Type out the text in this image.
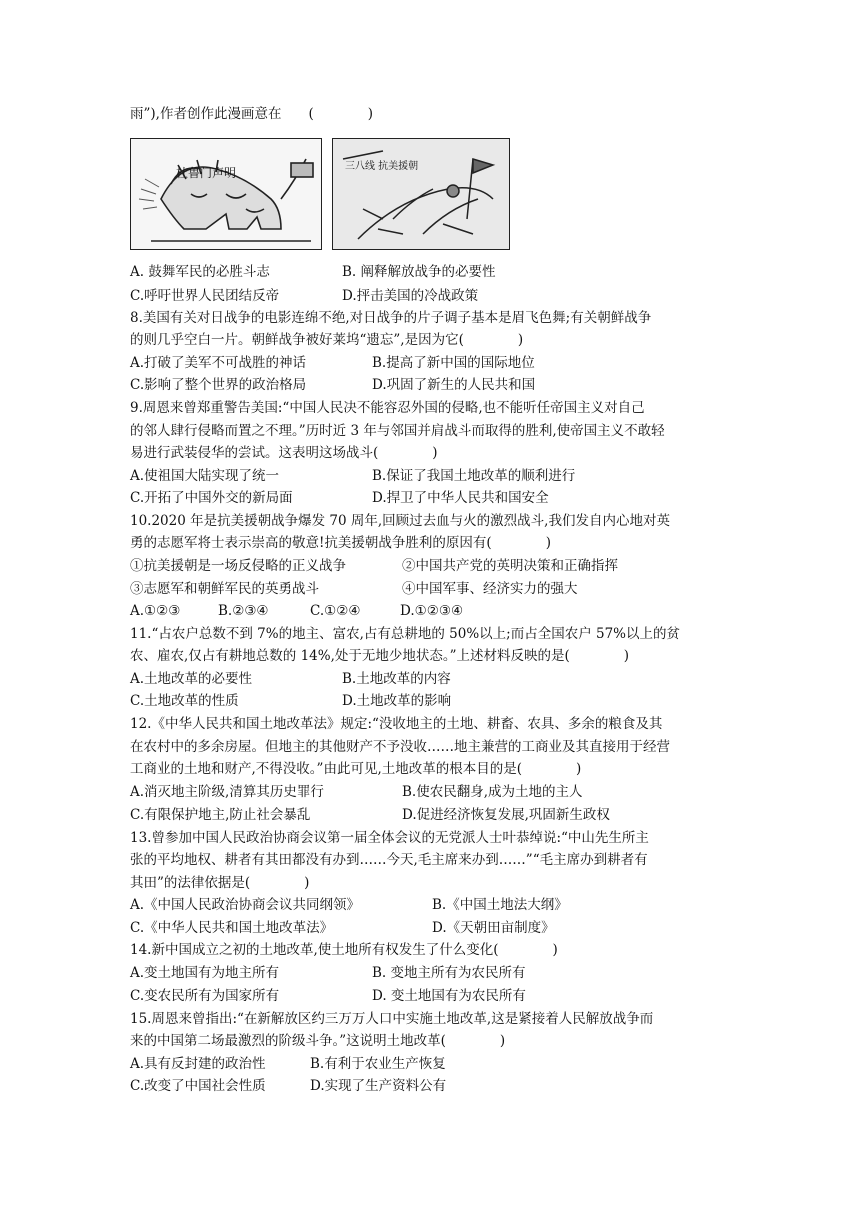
雨”),作者创作此漫画意在　　(　　　　)
杜鲁门声明	三八线 抗美援朝
A. 鼓舞军民的必胜斗志	B. 阐释解放战争的必要性
C.呼吁世界人民团结反帝	D.抨击美国的冷战政策
8.美国有关对日战争的电影连绵不绝,对日战争的片子调子基本是眉飞色舞;有关朝鲜战争
的则几乎空白一片。朝鲜战争被好莱坞“遗忘”,是因为它(　　　　)
A.打破了美军不可战胜的神话	B.提高了新中国的国际地位
C.影响了整个世界的政治格局	D.巩固了新生的人民共和国
9.周恩来曾郑重警告美国:“中国人民决不能容忍外国的侵略,也不能听任帝国主义对自己
的邻人肆行侵略而置之不理。”历时近 3 年与邻国并肩战斗而取得的胜利,使帝国主义不敢轻
易进行武装侵华的尝试。这表明这场战斗(　　　　)
A.使祖国大陆实现了统一	B.保证了我国土地改革的顺利进行
C.开拓了中国外交的新局面	D.捍卫了中华人民共和国安全
10.2020 年是抗美援朝战争爆发 70 周年,回顾过去血与火的激烈战斗,我们发自内心地对英
勇的志愿军将士表示崇高的敬意!抗美援朝战争胜利的原因有(　　　　)
①抗美援朝是一场反侵略的正义战争	②中国共产党的英明决策和正确指挥
③志愿军和朝鲜军民的英勇战斗	④中国军事、经济实力的强大
A.①②③	B.②③④	C.①②④	D.①②③④
11.“占农户总数不到 7%的地主、富农,占有总耕地的 50%以上;而占全国农户 57%以上的贫
农、雇农,仅占有耕地总数的 14%,处于无地少地状态。”上述材料反映的是(　　　　)
A.土地改革的必要性	B.土地改革的内容
C.土地改革的性质	D.土地改革的影响
12.《中华人民共和国土地改革法》规定:“没收地主的土地、耕畜、农具、多余的粮食及其
在农村中的多余房屋。但地主的其他财产不予没收……地主兼营的工商业及其直接用于经营
工商业的土地和财产,不得没收。”由此可见,土地改革的根本目的是(　　　　)
A.消灭地主阶级,清算其历史罪行	B.使农民翻身,成为土地的主人
C.有限保护地主,防止社会暴乱	D.促进经济恢复发展,巩固新生政权
13.曾参加中国人民政治协商会议第一届全体会议的无党派人士叶恭绰说:“中山先生所主
张的平均地权、耕者有其田都没有办到……今天,毛主席来办到……”“毛主席办到耕者有
其田”的法律依据是(　　　　)
A.《中国人民政治协商会议共同纲领》	B.《中国土地法大纲》
C.《中华人民共和国土地改革法》	D.《天朝田亩制度》
14.新中国成立之初的土地改革,使土地所有权发生了什么变化(　　　　)
A.变土地国有为地主所有	B. 变地主所有为农民所有
C.变农民所有为国家所有	D. 变土地国有为农民所有
15.周恩来曾指出:“在新解放区约三万万人口中实施土地改革,这是紧接着人民解放战争而
来的中国第二场最激烈的阶级斗争。”这说明土地改革(　　　　)
A.具有反封建的政治性	B.有利于农业生产恢复
C.改变了中国社会性质	D.实现了生产资料公有
